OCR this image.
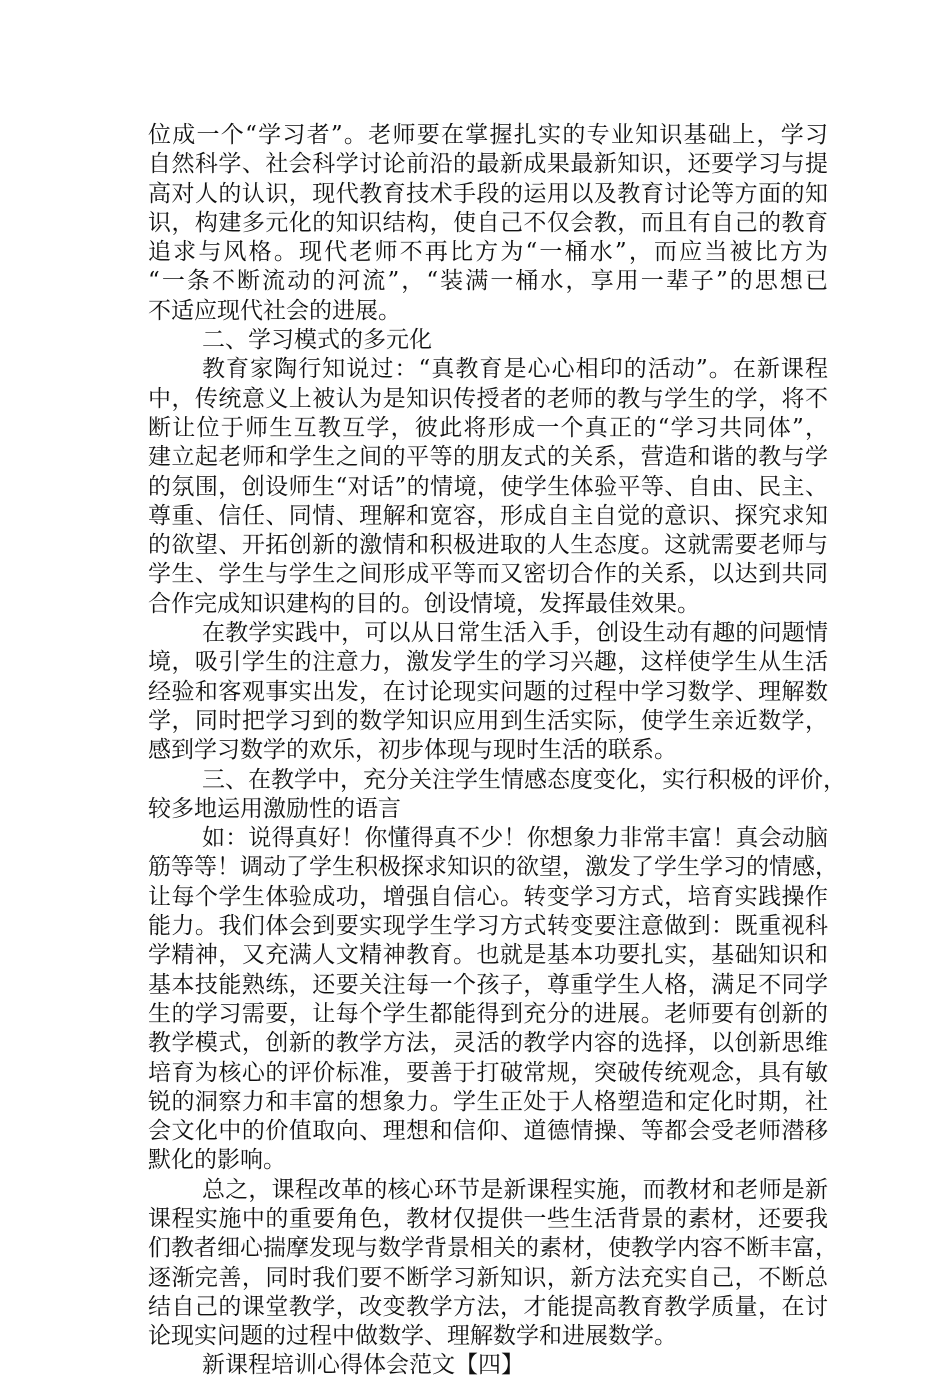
位成一个“学习者”。老师要在掌握扎实的专业知识基础上，学习
自然科学、社会科学讨论前沿的最新成果最新知识，还要学习与提
高对人的认识，现代教育技术手段的运用以及教育讨论等方面的知
识，构建多元化的知识结构，使自己不仅会教，而且有自己的教育
追求与风格。现代老师不再比方为“一桶水”，而应当被比方为
“一条不断流动的河流”，“装满一桶水，享用一辈子”的思想已
不适应现代社会的进展。
二、学习模式的多元化
教育家陶行知说过：“真教育是心心相印的活动”。在新课程
中，传统意义上被认为是知识传授者的老师的教与学生的学，将不
断让位于师生互教互学，彼此将形成一个真正的“学习共同体”，
建立起老师和学生之间的平等的朋友式的关系，营造和谐的教与学
的氛围，创设师生“对话”的情境，使学生体验平等、自由、民主、
尊重、信任、同情、理解和宽容，形成自主自觉的意识、探究求知
的欲望、开拓创新的激情和积极进取的人生态度。这就需要老师与
学生、学生与学生之间形成平等而又密切合作的关系，以达到共同
合作完成知识建构的目的。创设情境，发挥最佳效果。
在教学实践中，可以从日常生活入手，创设生动有趣的问题情
境，吸引学生的注意力，激发学生的学习兴趣，这样使学生从生活
经验和客观事实出发，在讨论现实问题的过程中学习数学、理解数
学，同时把学习到的数学知识应用到生活实际，使学生亲近数学，
感到学习数学的欢乐，初步体现与现时生活的联系。
三、在教学中，充分关注学生情感态度变化，实行积极的评价，
较多地运用激励性的语言
如：说得真好！你懂得真不少！你想象力非常丰富！真会动脑
筋等等！调动了学生积极探求知识的欲望，激发了学生学习的情感，
让每个学生体验成功，增强自信心。转变学习方式，培育实践操作
能力。我们体会到要实现学生学习方式转变要注意做到：既重视科
学精神，又充满人文精神教育。也就是基本功要扎实，基础知识和
基本技能熟练，还要关注每一个孩子，尊重学生人格，满足不同学
生的学习需要，让每个学生都能得到充分的进展。老师要有创新的
教学模式，创新的教学方法，灵活的教学内容的选择，以创新思维
培育为核心的评价标准，要善于打破常规，突破传统观念，具有敏
锐的洞察力和丰富的想象力。学生正处于人格塑造和定化时期，社
会文化中的价值取向、理想和信仰、道德情操、等都会受老师潜移
默化的影响。
总之，课程改革的核心环节是新课程实施，而教材和老师是新
课程实施中的重要角色，教材仅提供一些生活背景的素材，还要我
们教者细心揣摩发现与数学背景相关的素材，使教学内容不断丰富，
逐渐完善，同时我们要不断学习新知识，新方法充实自己，不断总
结自己的课堂教学，改变教学方法，才能提高教育教学质量，在讨
论现实问题的过程中做数学、理解数学和进展数学。
新课程培训心得体会范文【四】
